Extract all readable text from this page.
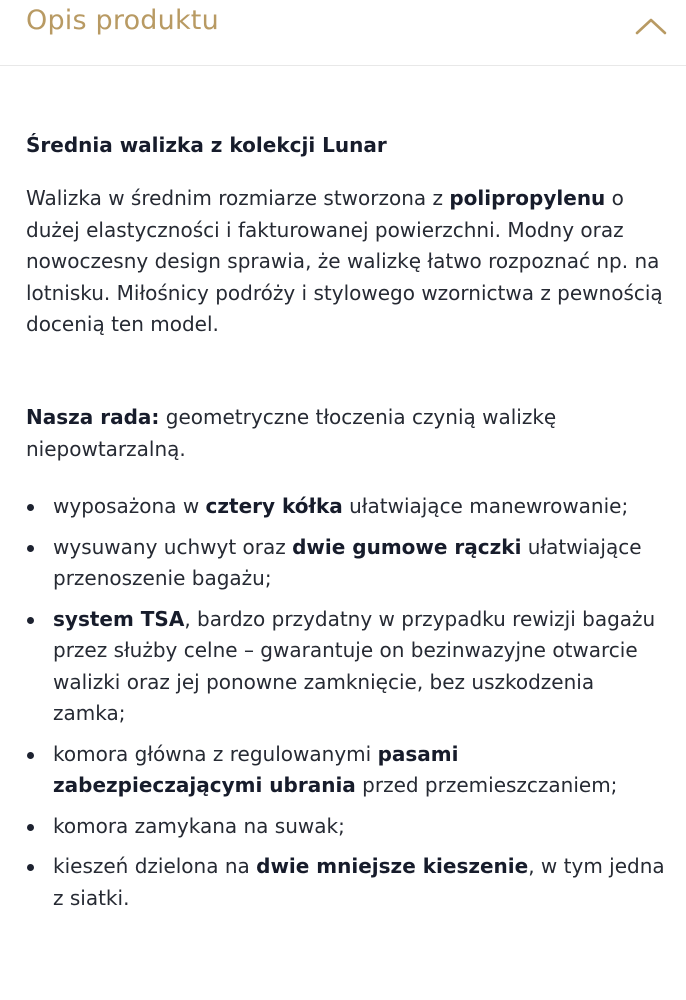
Opis produktu
Średnia walizka z kolekcji Lunar

Walizka w średnim rozmiarze stworzona z polipropylenu o dużej elastyczności i fakturowanej powierzchni. Modny oraz nowoczesny design sprawia, że walizkę łatwo rozpoznać np. na lotnisku. Miłośnicy podróży i stylowego wzornictwa z pewnością docenią ten model.

Nasza rada: geometryczne tłoczenia czynią walizkę niepowtarzalną.

wyposażona w cztery kółka ułatwiające manewrowanie;
wysuwany uchwyt oraz dwie gumowe rączki ułatwiające przenoszenie bagażu;
system TSA, bardzo przydatny w przypadku rewizji bagażu przez służby celne – gwarantuje on bezinwazyjne otwarcie walizki oraz jej ponowne zamknięcie, bez uszkodzenia zamka;
komora główna z regulowanymi pasami zabezpieczającymi ubrania przed przemieszczaniem;
komora zamykana na suwak;
kieszeń dzielona na dwie mniejsze kieszenie, w tym jedna z siatki.
